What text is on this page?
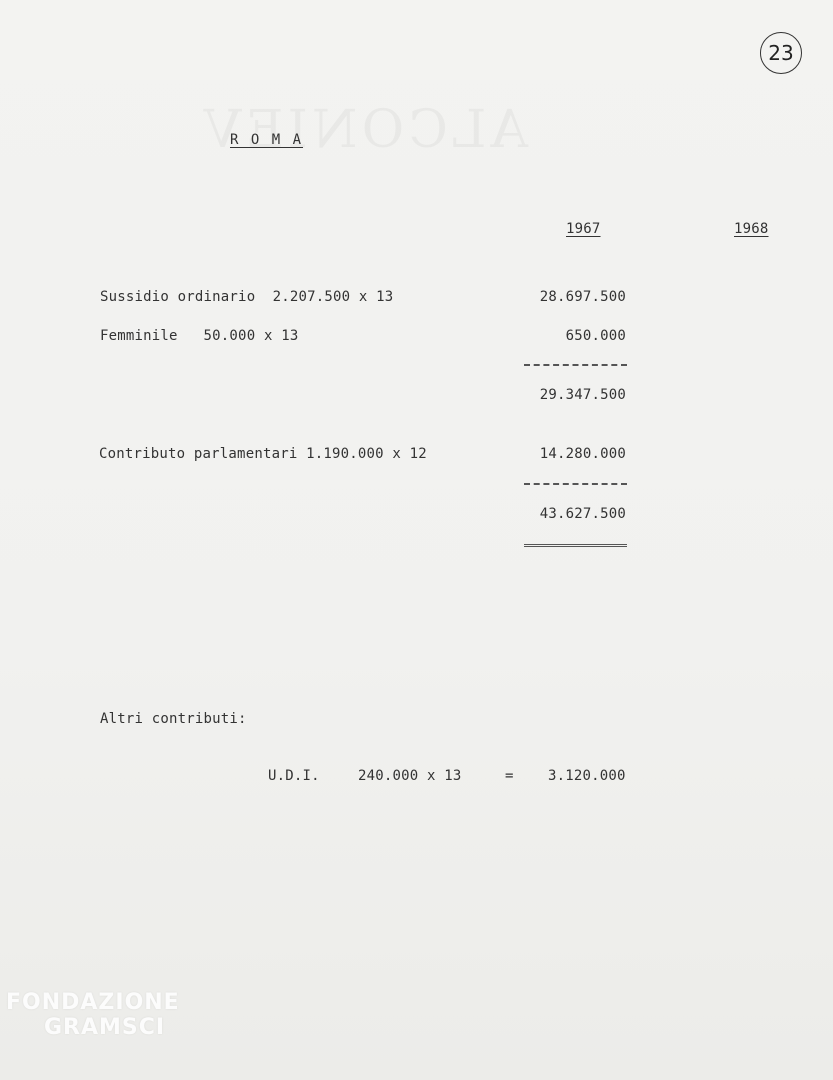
23
R O M A
1967	1968
Sussidio ordinario  2.207.500 x 13	28.697.500
Femminile   50.000 x 13	650.000
29.347.500
Contributo parlamentari 1.190.000 x 12	14.280.000
43.627.500
Altri contributi:
U.D.I.	240.000 x 13	= 3.120.000
FONDAZIONE
GRAMSCI
